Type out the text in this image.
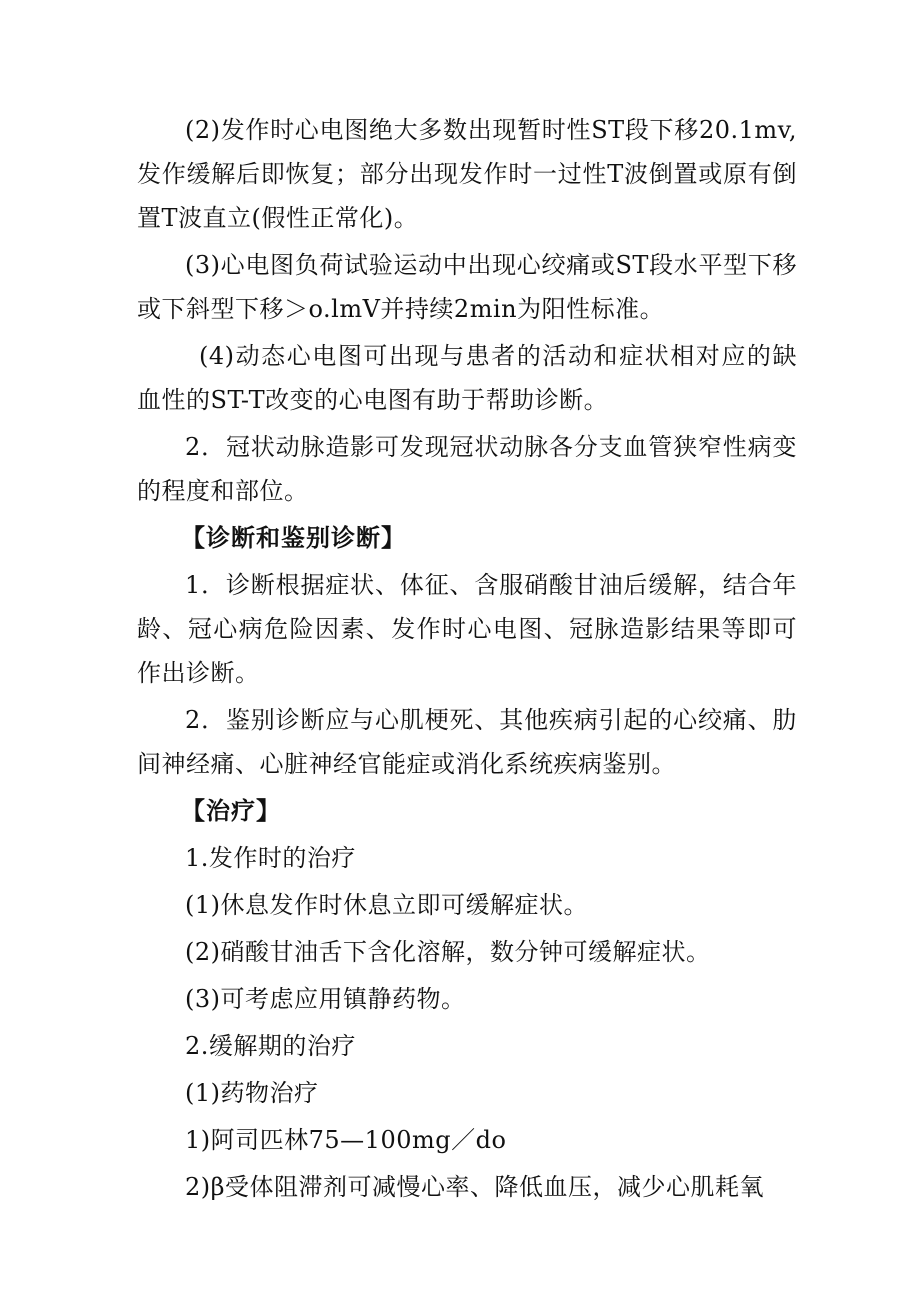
(2)发作时心电图绝大多数出现暂时性ST段下移20.1mv,发作缓解后即恢复；部分出现发作时一过性T波倒置或原有倒置T波直立(假性正常化)。

(3)心电图负荷试验运动中出现心绞痛或ST段水平型下移或下斜型下移＞o.lmV并持续2min为阳性标准。

(4)动态心电图可出现与患者的活动和症状相对应的缺血性的ST-T改变的心电图有助于帮助诊断。

2．冠状动脉造影可发现冠状动脉各分支血管狭窄性病变的程度和部位。

【诊断和鉴别诊断】

1．诊断根据症状、体征、含服硝酸甘油后缓解，结合年龄、冠心病危险因素、发作时心电图、冠脉造影结果等即可作出诊断。

2．鉴别诊断应与心肌梗死、其他疾病引起的心绞痛、肋间神经痛、心脏神经官能症或消化系统疾病鉴别。

【治疗】

1.发作时的治疗

(1)休息发作时休息立即可缓解症状。

(2)硝酸甘油舌下含化溶解，数分钟可缓解症状。

(3)可考虑应用镇静药物。

2.缓解期的治疗

(1)药物治疗

1)阿司匹林75—100mg／do

2)β受体阻滞剂可减慢心率、降低血压，减少心肌耗氧
